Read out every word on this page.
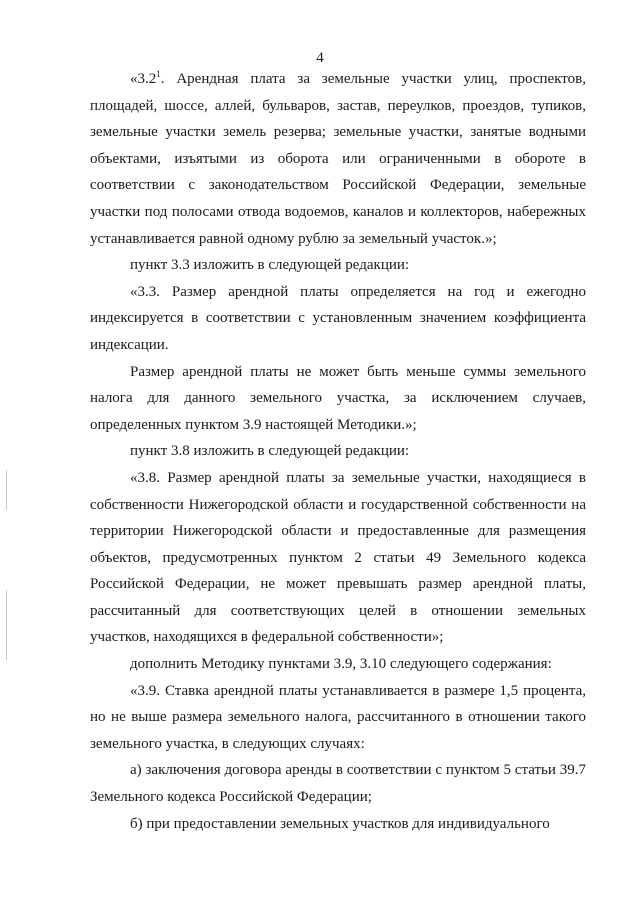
4

«$3.2^1$. Арендная плата за земельные участки улиц, проспектов, площадей, шоссе, аллей, бульваров, застав, переулков, проездов, тупиков, земельные участки земель резерва; земельные участки, занятые водными объектами, изъятыми из оборота или ограниченными в обороте в соответствии с законодательством Российской Федерации, земельные участки под полосами отвода водоемов, каналов и коллекторов, набережных устанавливается равной одному рублю за земельный участок.»;

пункт 3.3 изложить в следующей редакции:

«3.3. Размер арендной платы определяется на год и ежегодно индексируется в соответствии с установленным значением коэффициента индексации.

Размер арендной платы не может быть меньше суммы земельного налога для данного земельного участка, за исключением случаев, определенных пунктом 3.9 настоящей Методики.»;

пункт 3.8 изложить в следующей редакции:

«3.8. Размер арендной платы за земельные участки, находящиеся в собственности Нижегородской области и государственной собственности на территории Нижегородской области и предоставленные для размещения объектов, предусмотренных пунктом 2 статьи 49 Земельного кодекса Российской Федерации, не может превышать размер арендной платы, рассчитанный для соответствующих целей в отношении земельных участков, находящихся в федеральной собственности»;

дополнить Методику пунктами 3.9, 3.10 следующего содержания:

«3.9. Ставка арендной платы устанавливается в размере 1,5 процента, но не выше размера земельного налога, рассчитанного в отношении такого земельного участка, в следующих случаях:

а) заключения договора аренды в соответствии с пунктом 5 статьи 39.7 Земельного кодекса Российской Федерации;

б) при предоставлении земельных участков для индивидуального
